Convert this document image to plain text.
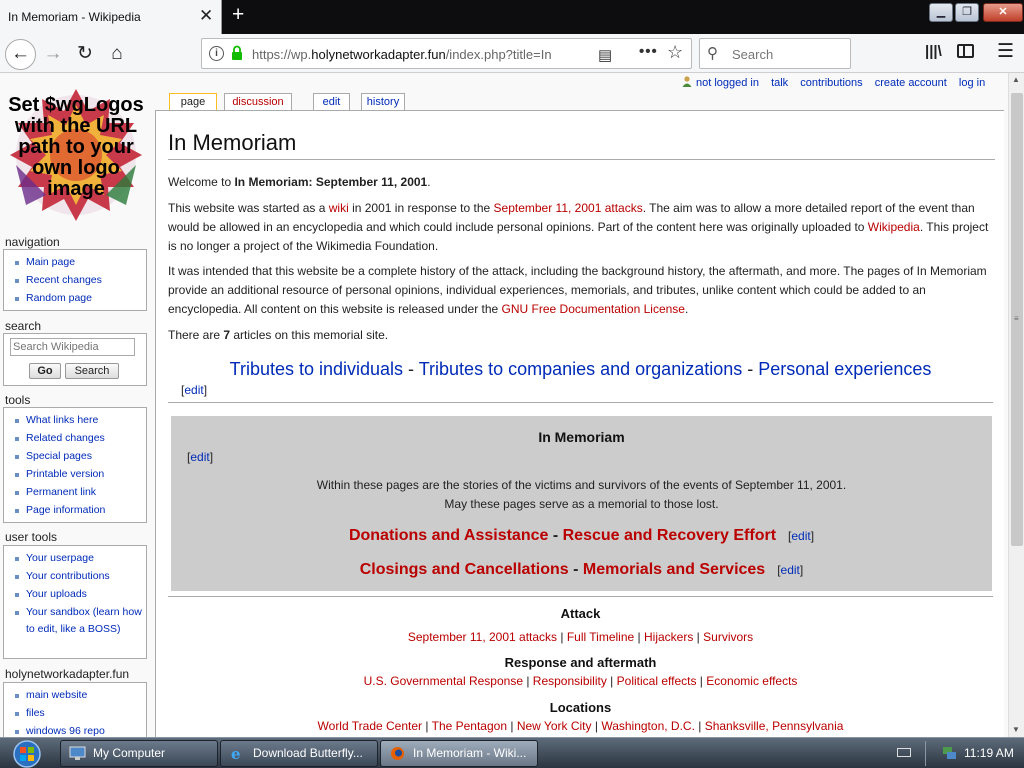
In Memoriam - Wikipedia	✕ +	▁	❐	✕
← → ↻ ⌂	i	https://wp.holynetworkadapter.fun/index.php?title=In	▤ ••• ☆ ⚲ Search	|||\	☰
not logged in talk contributions create account log in
Set $wgLogos with the URL path to your own logo image
navigation
Main page
Recent changes
Random page
search
Search Wikipedia
Go	Search
tools
What links here
Related changes
Special pages
Printable version
Permanent link
Page information
user tools
Your userpage
Your contributions
Your uploads
Your sandbox (learn how to edit, like a BOSS)
holynetworkadapter.fun
main website
files
windows 96 repo
page	discussion	edit	history
In Memoriam
Welcome to In Memoriam: September 11, 2001.
This website was started as a wiki in 2001 in response to the September 11, 2001 attacks. The aim was to allow a more detailed report of the event than would be allowed in an encyclopedia and which could include personal opinions. Part of the content here was originally uploaded to Wikipedia. This project is no longer a project of the Wikimedia Foundation.
It was intended that this website be a complete history of the attack, including the background history, the aftermath, and more. The pages of In Memoriam provide an additional resource of personal opinions, individual experiences, memorials, and tributes, unlike content which could be added to an encyclopedia. All content on this website is released under the GNU Free Documentation License.
There are 7 articles on this memorial site.
Tributes to individuals - Tributes to companies and organizations - Personal experiences
[edit]
In Memoriam
[edit]
Within these pages are the stories of the victims and survivors of the events of September 11, 2001.
May these pages serve as a memorial to those lost.
Donations and Assistance - Rescue and Recovery Effort [edit]
Closings and Cancellations - Memorials and Services [edit]
Attack
September 11, 2001 attacks | Full Timeline | Hijackers | Survivors
Response and aftermath
U.S. Governmental Response | Responsibility | Political effects | Economic effects
Locations
World Trade Center | The Pentagon | New York City | Washington, D.C. | Shanksville, Pennsylvania
▲
≡
▼
My Computer	e Download Butterfly...	In Memoriam - Wiki...	11:19 AM
